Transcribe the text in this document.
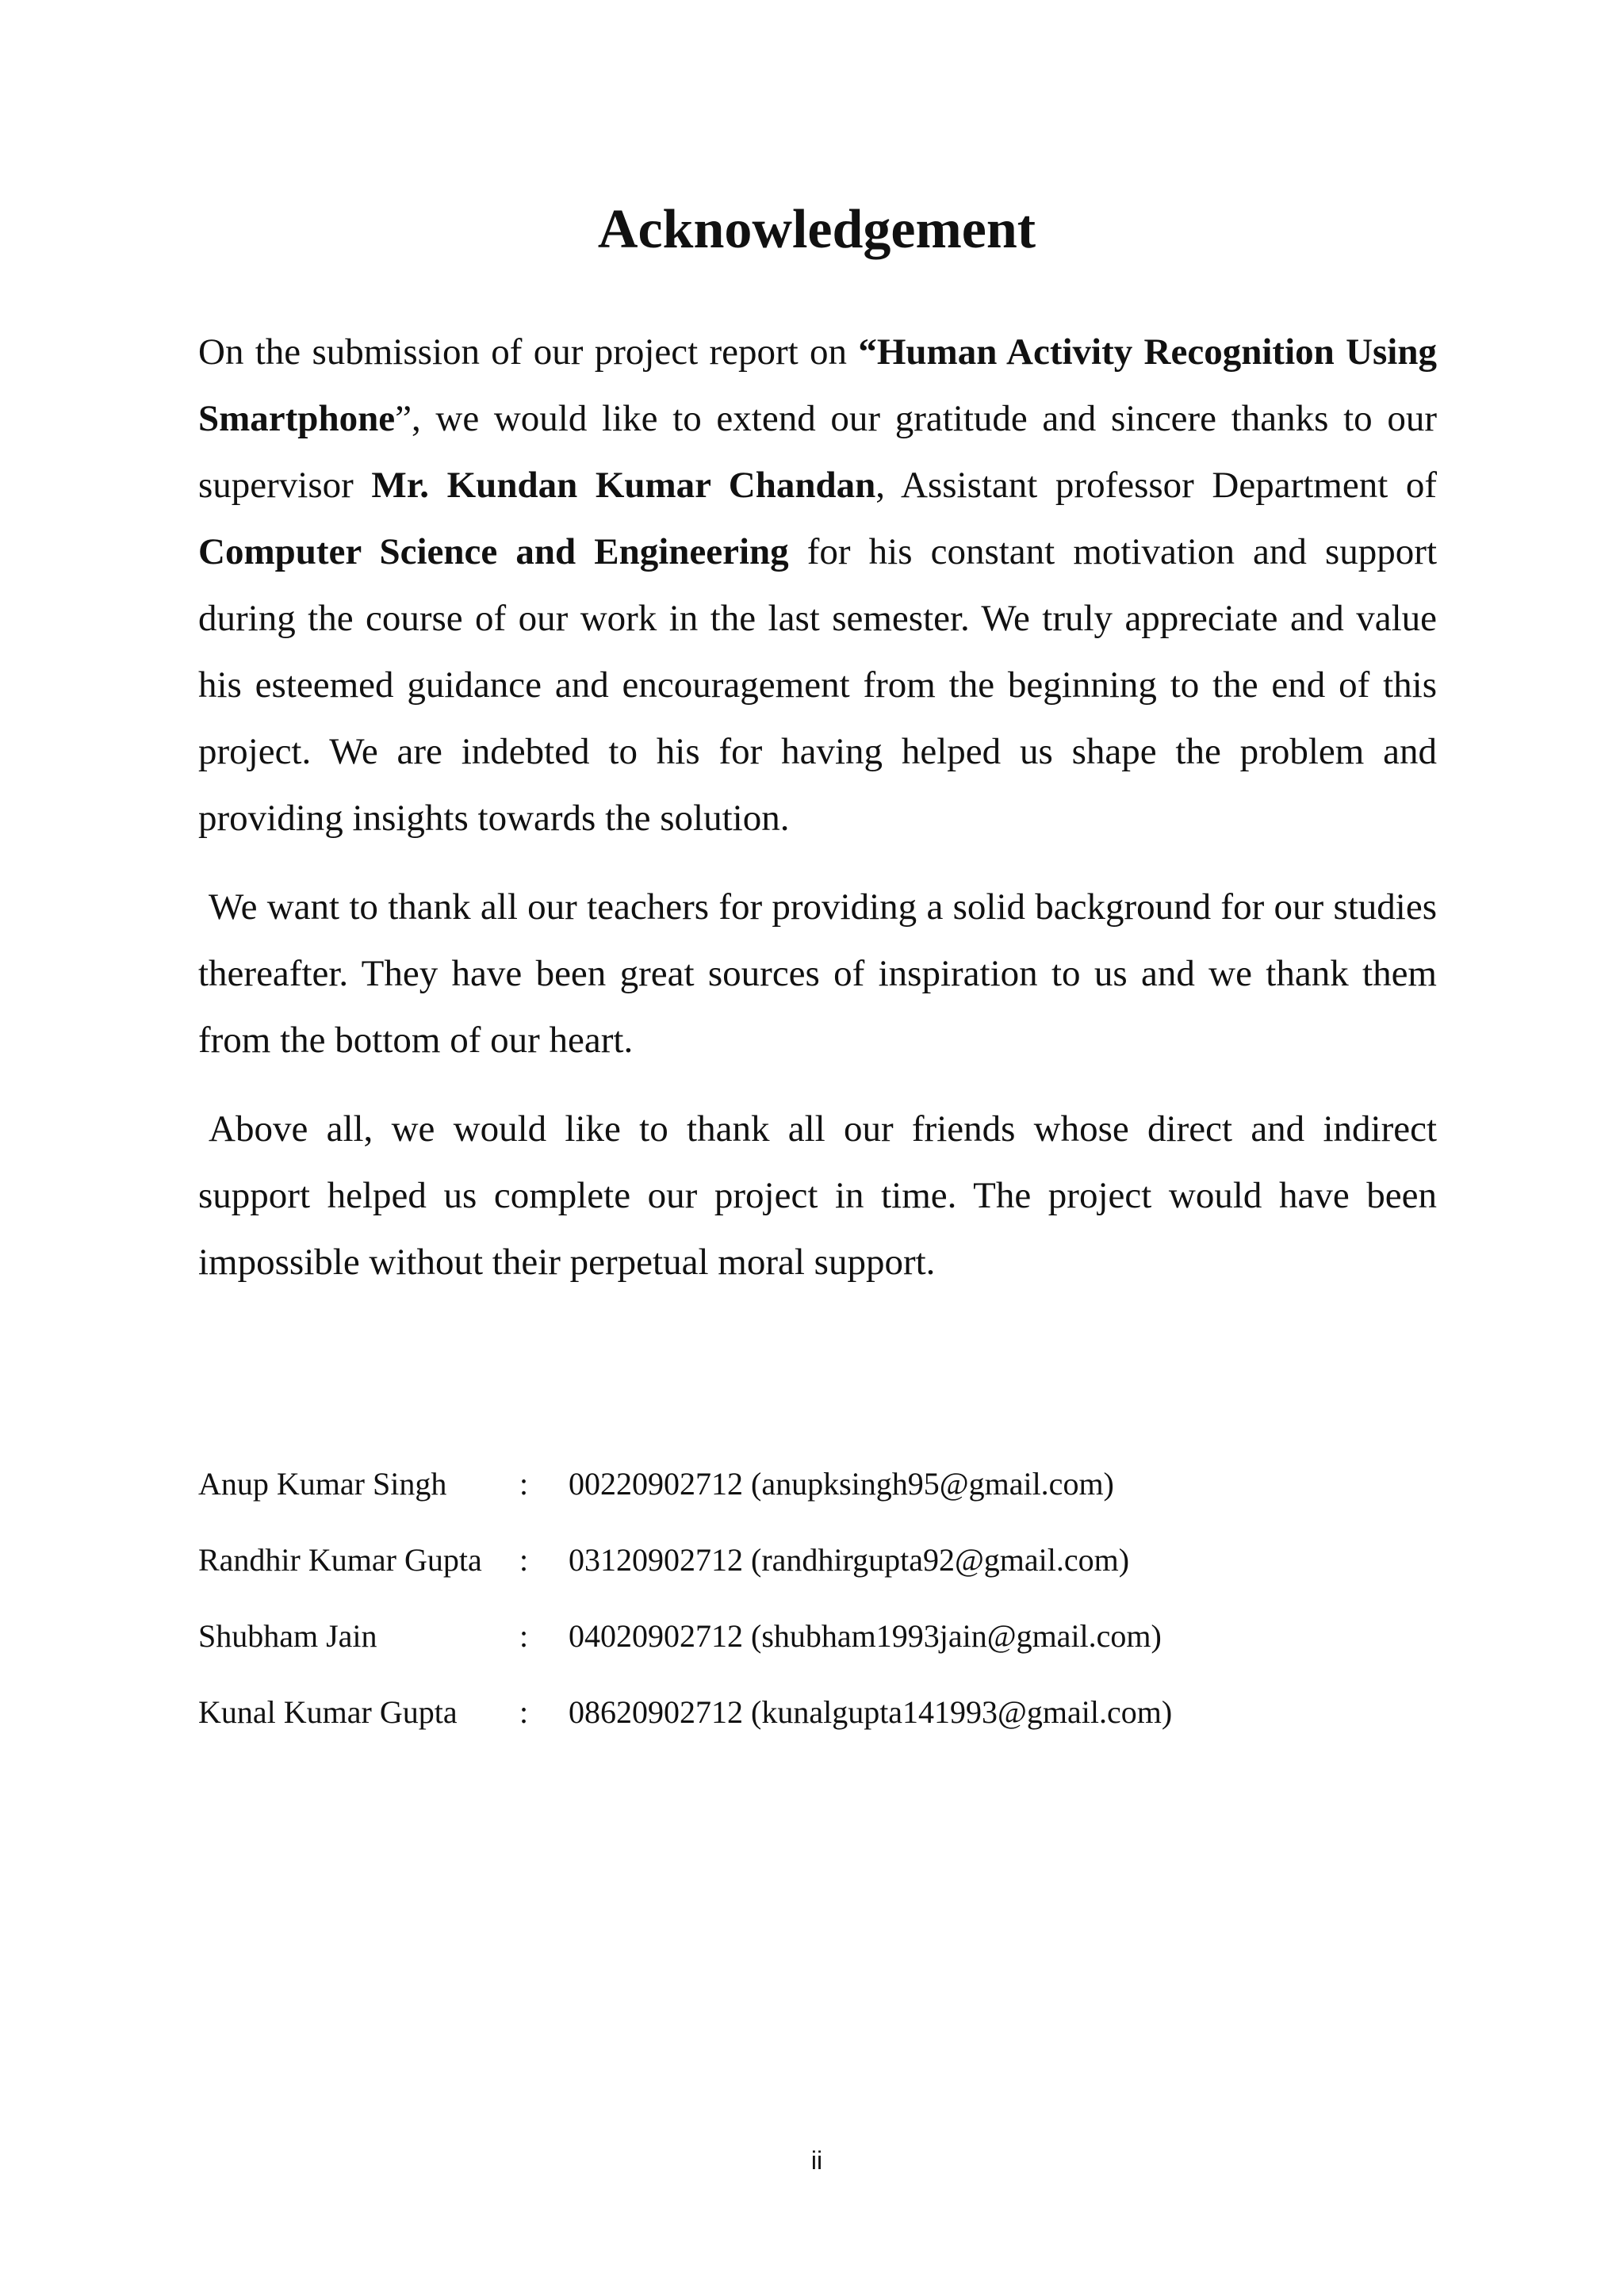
Acknowledgement

On the submission of our project report on “Human Activity Recognition Using Smartphone”, we would like to extend our gratitude and sincere thanks to our supervisor Mr. Kundan Kumar Chandan, Assistant professor Department of Computer Science and Engineering for his constant motivation and support during the course of our work in the last semester. We truly appreciate and value his esteemed guidance and encouragement from the beginning to the end of this project. We are indebted to his for having helped us shape the problem and providing insights towards the solution.

We want to thank all our teachers for providing a solid background for our studies thereafter. They have been great sources of inspiration to us and we thank them from the bottom of our heart.

Above all, we would like to thank all our friends whose direct and indirect support helped us complete our project in time. The project would have been impossible without their perpetual moral support.

Anup Kumar Singh : 00220902712 (anupksingh95@gmail.com)
Randhir Kumar Gupta : 03120902712 (randhirgupta92@gmail.com)
Shubham Jain	: 04020902712 (shubham1993jain@gmail.com)
Kunal Kumar Gupta : 08620902712 (kunalgupta141993@gmail.com)
ii
